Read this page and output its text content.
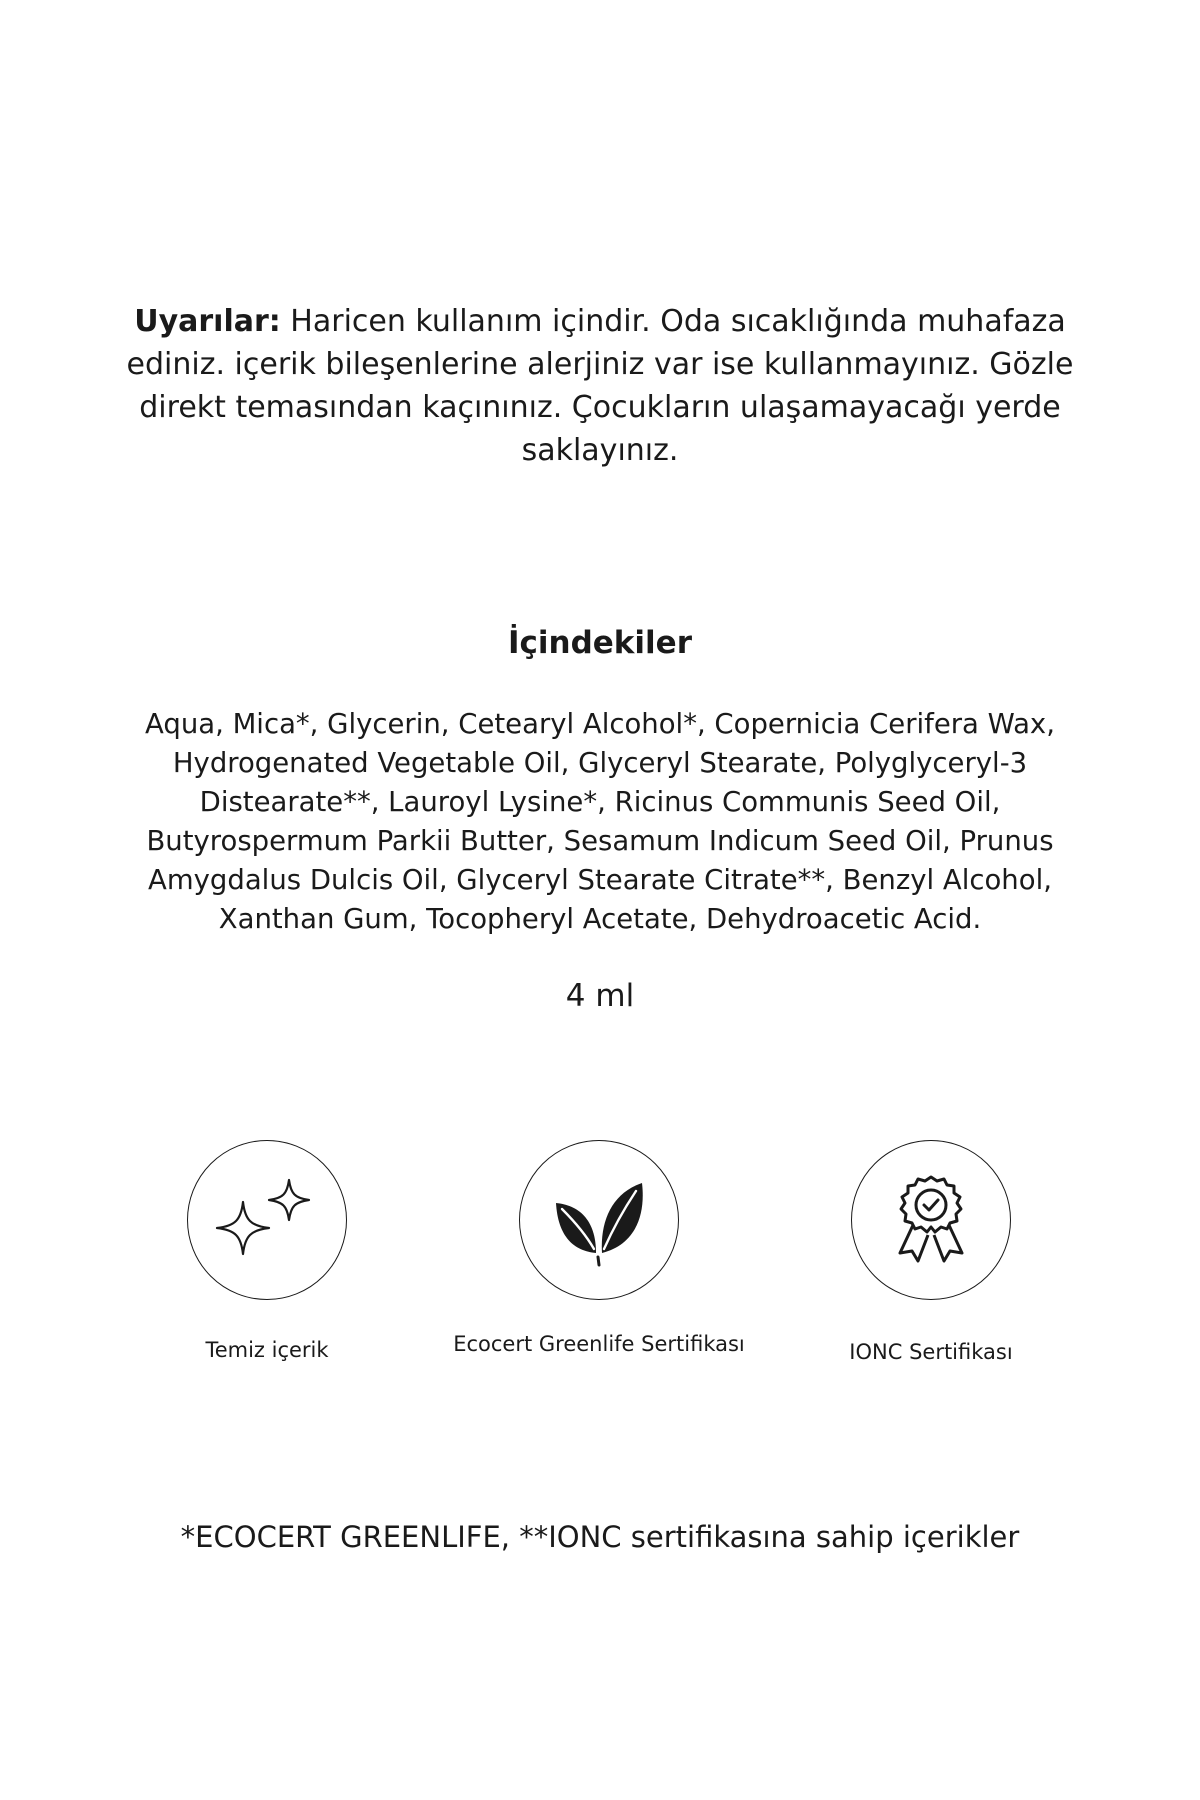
Uyarılar: Haricen kullanım içindir. Oda sıcaklığında muhafaza ediniz. içerik bileşenlerine alerjiniz var ise kullanmayınız. Gözle direkt temasından kaçınınız. Çocukların ulaşamayacağı yerde saklayınız.

İçindekiler

Aqua, Mica*, Glycerin, Cetearyl Alcohol*, Copernicia Cerifera Wax, Hydrogenated Vegetable Oil, Glyceryl Stearate, Polyglyceryl-3 Distearate**, Lauroyl Lysine*, Ricinus Communis Seed Oil, Butyrospermum Parkii Butter, Sesamum Indicum Seed Oil, Prunus Amygdalus Dulcis Oil, Glyceryl Stearate Citrate**, Benzyl Alcohol, Xanthan Gum, Tocopheryl Acetate, Dehydroacetic Acid.

4 ml

Temiz içerik	Ecocert Greenlife Sertifikası	IONC Sertifikası

*ECOCERT GREENLIFE, **IONC sertifikasına sahip içerikler
